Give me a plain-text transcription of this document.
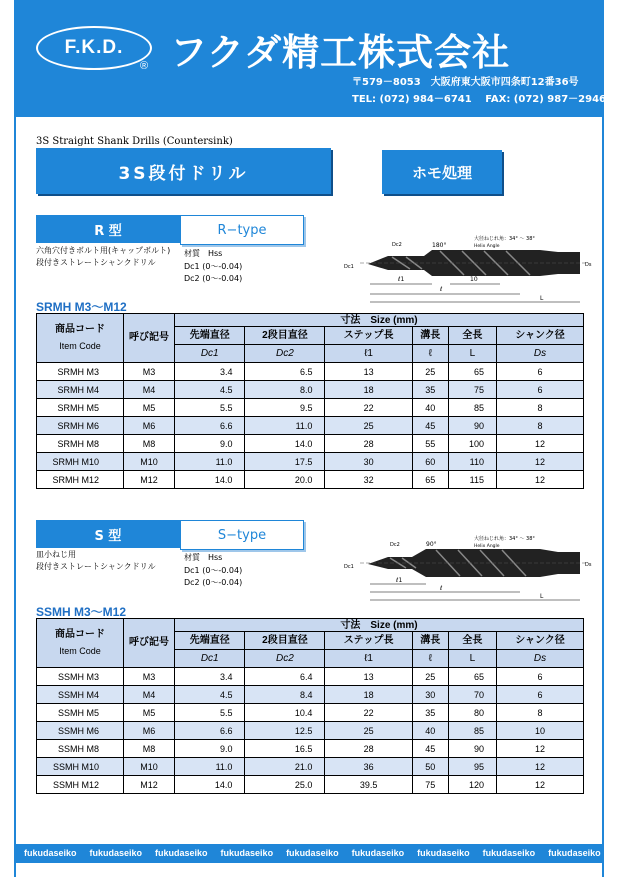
F.K.D.
® フクダ精工株式会社
〒579－8053　大阪府東大阪市四条町12番36号
TEL: (072) 984－6741　 FAX: (072) 987－2946
3S Straight Shank Drills (Countersink)
3S段付ドリル	ホモ処理
R 型	R−type
六角穴付きボルト用(キャップボルト)
段付きストレートシャンクドリル
材質　Hss
Dc1 (0〜-0.04)
Dc2 (0〜-0.04)	ℓ1
ℓ
10
L
180°
大径ねじれ角：34° 〜 38°
Helix Angle
Dc1
Dc2
Ds
SRMH M3〜M12
商品コード
Item Code	呼び記号	寸法　Size (mm)					
		先端直径	2段目直径	ステップ長	溝長	全長	シャンク径
		Dc1	Dc2	ℓ1	ℓ	L	Ds
SRMH M3	M3	3.4	6.5	13	25	65	6
SRMH M4	M4	4.5	8.0	18	35	75	6
SRMH M5	M5	5.5	9.5	22	40	85	8
SRMH M6	M6	6.6	11.0	25	45	90	8
SRMH M8	M8	9.0	14.0	28	55	100	12
SRMH M10	M10	11.0	17.5	30	60	110	12
SRMH M12	M12	14.0	20.0	32	65	115	12
S 型	S−type
皿小ねじ用
段付きストレートシャンクドリル
材質　Hss
Dc1 (0〜-0.04)
Dc2 (0〜-0.04)	ℓ1
ℓ
L
90°
大径ねじれ角：34° 〜 38°
Helix Angle
Dc1
Dc2
Ds
SSMH M3〜M12
商品コード
Item Code	呼び記号	寸法　Size (mm)					
		先端直径	2段目直径	ステップ長	溝長	全長	シャンク径
		Dc1	Dc2	ℓ1	ℓ	L	Ds
SSMH M3	M3	3.4	6.4	13	25	65	6
SSMH M4	M4	4.5	8.4	18	30	70	6
SSMH M5	M5	5.5	10.4	22	35	80	8
SSMH M6	M6	6.6	12.5	25	40	85	10
SSMH M8	M8	9.0	16.5	28	45	90	12
SSMH M10	M10	11.0	21.0	36	50	95	12
SSMH M12	M12	14.0	25.0	39.5	75	120	12
fukudaseiko fukudaseiko fukudaseiko fukudaseiko fukudaseiko fukudaseiko fukudaseiko fukudaseiko fukudaseiko
